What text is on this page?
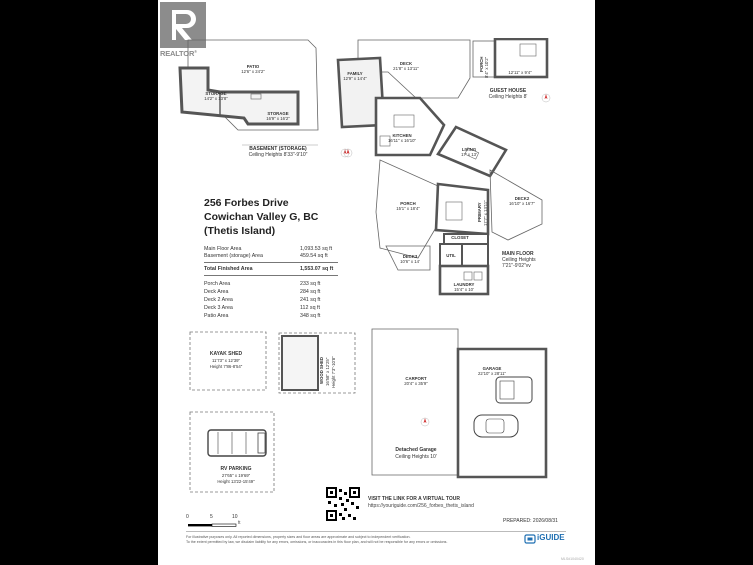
REALTOR®
PATIO
12'6" x 24'2"
STORAGE
14'2" x 13'8"
STORAGE
16'9" x 16'2"
BASEMENT (STORAGE)
Ceiling Heights 8'33"-9'10"
DECK
21'8" x 13'11"
FAMILY
12'9" x 14'4"
KITCHEN
16'11" x 16'10"
LIVING
17' x 13'
PORCH
15'1" x 18'4"
DECK2
16'10" x 16'7"
PRIMARY 17'7" x 13'11"
CLOSET
UTIL
DECK3
10'6" x 14'
LAUNDRY
15'4" x 10'
MAIN FLOOR
Ceiling Heights
7'21"-9'02"vv
PORCH 8'4" x 10'2"	12'11" x 9'4"
GUEST HOUSE
Ceiling Heights 8'
256 Forbes Drive
Cowichan Valley G, BC
(Thetis Island)
Main Floor Area	1,093.53 sq ft
Basement (storage) Area	459.54 sq ft
Total Finished Area	1,553.07 sq ft
Porch Area	233 sq ft
Deck Area	284 sq ft
Deck 2 Area	241 sq ft
Deck 3 Area	112 sq ft
Patio Area	348 sq ft
KAYAK SHED
11'73" x 12'39"
Height 7'86-8'54"	WOOD SHED 16'58" x 12'25" Height 7'3"-10'8"
RV PARKING
27'65" x 19'69"
Height 13'22-15'49"
CARPORT
20'4" x 35'9"
GARAGE
22'10" x 28'11"
Detached Garage
Ceiling Heights 10'
VISIT THE LINK FOR A VIRTUAL TOUR
https://youriguide.com/256_forbes_thetis_island
0	5	10
ft	PREPARED: 2026/08/31
For illustrative purposes only. All reported dimensions, property sizes and floor areas are approximate and subject to independent verification.
To the extent permitted by law, we disclaim liability for any errors, omissions, or inaccuracies in this floor plan, and will not be responsible for any errors or omissions.	iGUIDE
MLS#1040420
